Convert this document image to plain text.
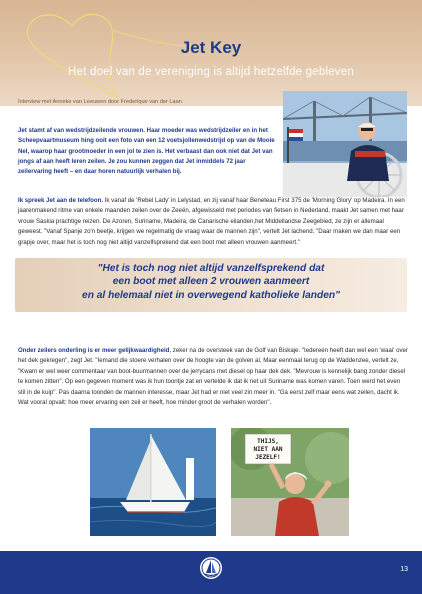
Jet Key
Het doel van de vereniging is altijd hetzelfde gebleven
Interview met Anneke van Leeuwen door Frederique van der Laan

Jet stamt af van wedstrijdzeilende vrouwen. Haar moeder was wedstrijdzeiler en in het Scheepvaartmuseum hing ooit een foto van een 12 voetsjollenwedstrijd op van de Mooie Nel, waarop haar grootmoeder in een jol te zien is. Het verbaast dan ook niet dat Jet van jongs af aan heeft leren zeilen. Je zou kunnen zeggen dat Jet inmiddels 72 jaar zeilervaring heeft – en daar horen natuurlijk verhalen bij.

Ik spreek Jet aan de telefoon. Ik vanaf de 'Rebel Lady' in Lelystad, en zij vanaf haar Beneteau First 375 de 'Morning Glory' op Madeira. In een jaarenmakend ritme van enkele maanden zeilen over de Zeeën, afgewisseld met periodes van fietsen in Nederland, maakt Jet samen met haar vrouw Saskia prachtige reizen. De Azoren, Suriname, Madeira, de Canarische eilanden,het Middellandse Zeegebied, ze zijn er allemaal geweest. "Vanaf Spanje zo'n beetje, krijgen we regelmatig de vraag waar de mannen zijn", vertelt Jet lachend. "Daar maken we dan maar een grapje over, maar het is toch nog niet altijd vanzelfsprekend dat een boot met alleen vrouwen aanmeert."

"Het is toch nog niet altijd vanzelfsprekend dat
een boot met alleen 2 vrouwen aanmeert
en al helemaal niet in overwegend katholieke landen"

Onder zeilers onderling is er meer gelijkwaardigheid, zeker na de oversteek van de Golf van Biskaje. "Iedereen heeft dan wel een 'waai' over het dek gekregen", zegt Jet. "Iemand die stoere verhalen over de hoogte van de golven al, Maar eenmaal terug op de Waddenzee, vertelt ze, "Kwam er wel weer commentaar van boot-buurmannen over de jerrycans met diesel op haar dek dek. "Mevrouw is kennelijk bang zonder diesel te komen zitten". Op een gegeven moment was ik hun toontje zat en vertelde ik dat ik net uit Suriname was komen varen. Toen werd het even stil in de kuip". Pas daarna toonden de mannen interesse, maar Jet had er niet veel zin meer in. "Ga eerst zelf maar eens wat zeilen, dacht ik. Wat vooral opvalt: hoe meer ervaring een zeil er heeft, hoe minder groot de verhalen worden".

THIJS,
NIET AAN
JEZELF!
13
